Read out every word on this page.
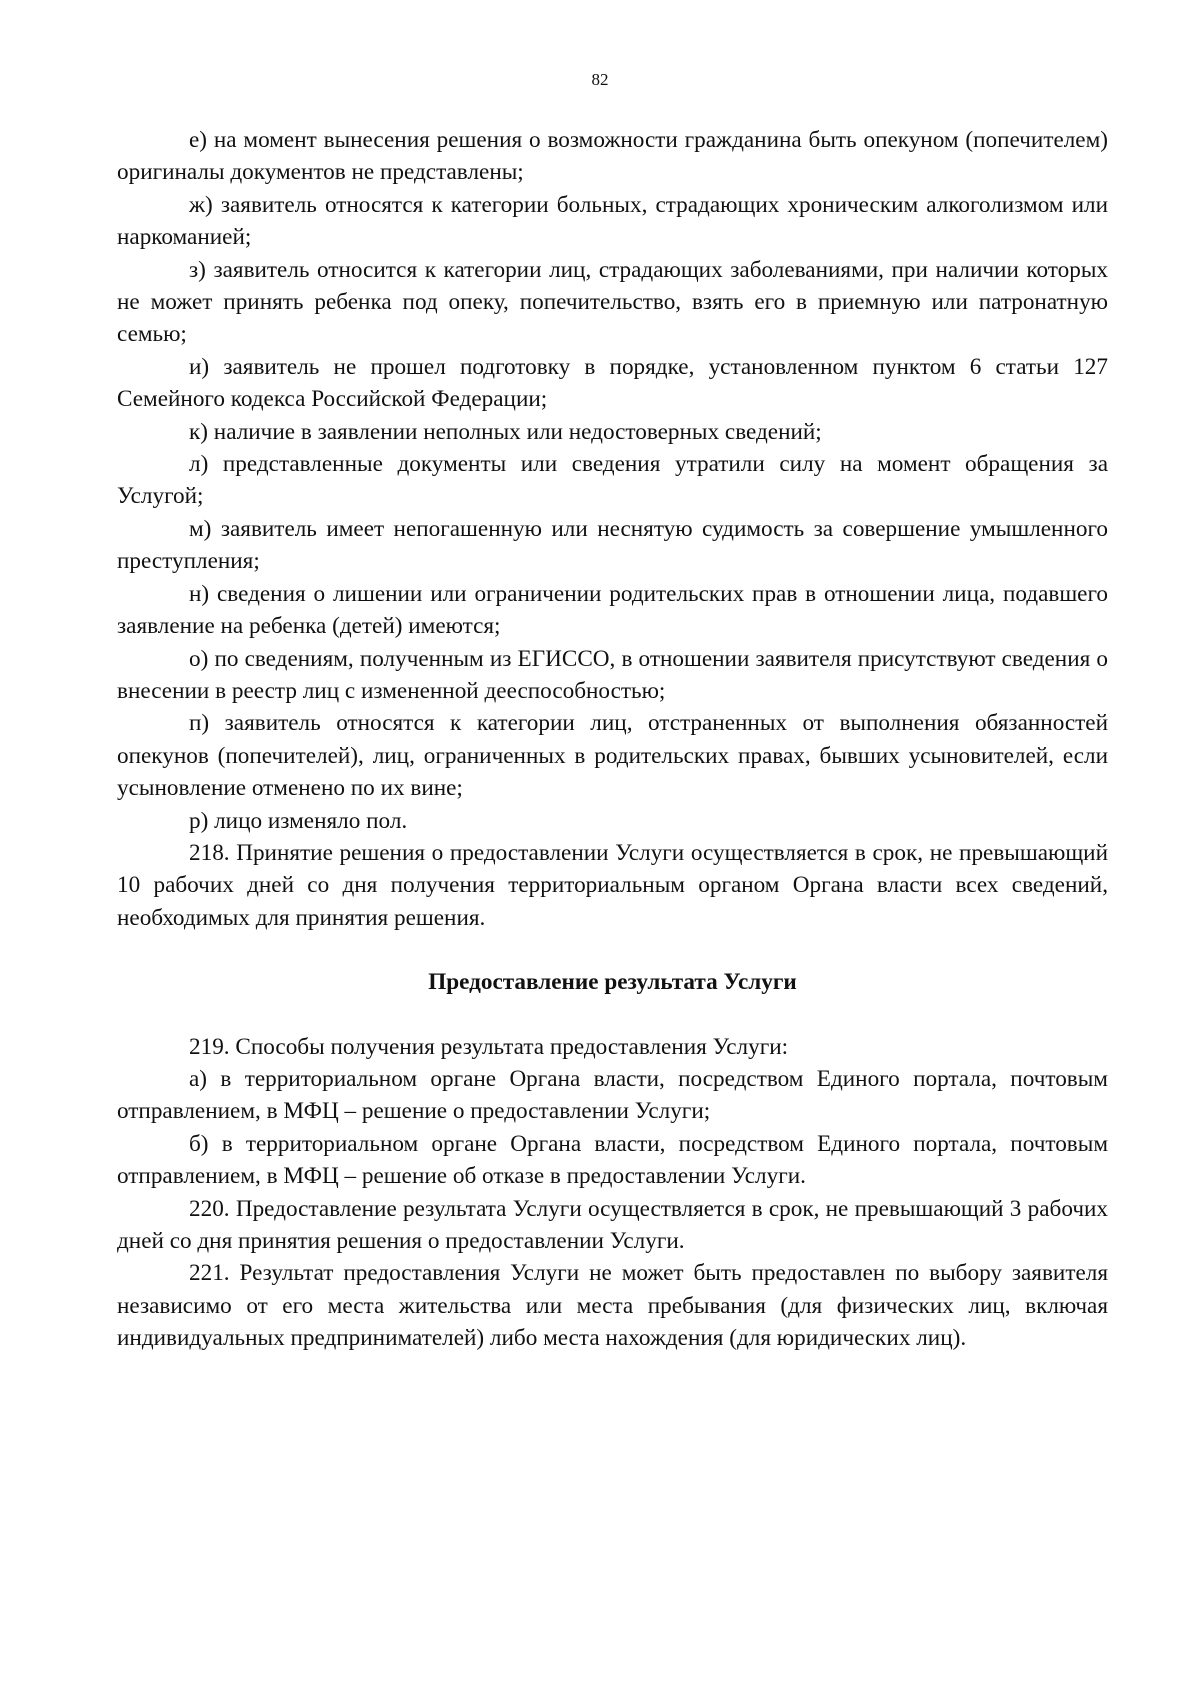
82

е) на момент вынесения решения о возможности гражданина быть опекуном (попечителем) оригиналы документов не представлены;

ж) заявитель относятся к категории больных, страдающих хроническим алкоголизмом или наркоманией;

з) заявитель относится к категории лиц, страдающих заболеваниями, при наличии которых не может принять ребенка под опеку, попечительство, взять его в приемную или патронатную семью;

и) заявитель не прошел подготовку в порядке, установленном пунктом 6 статьи 127 Семейного кодекса Российской Федерации;

к) наличие в заявлении неполных или недостоверных сведений;

л) представленные документы или сведения утратили силу на момент обращения за Услугой;

м) заявитель имеет непогашенную или неснятую судимость за совершение умышленного преступления;

н) сведения о лишении или ограничении родительских прав в отношении лица, подавшего заявление на ребенка (детей) имеются;

о) по сведениям, полученным из ЕГИССО, в отношении заявителя присутствуют сведения о внесении в реестр лиц с измененной дееспособностью;

п) заявитель относятся к категории лиц, отстраненных от выполнения обязанностей опекунов (попечителей), лиц, ограниченных в родительских правах, бывших усыновителей, если усыновление отменено по их вине;

р) лицо изменяло пол.

218. Принятие решения о предоставлении Услуги осуществляется в срок, не превышающий 10 рабочих дней со дня получения территориальным органом Органа власти всех сведений, необходимых для принятия решения.

Предоставление результата Услуги

219. Способы получения результата предоставления Услуги:

а) в территориальном органе Органа власти, посредством Единого портала, почтовым отправлением, в МФЦ – решение о предоставлении Услуги;

б) в территориальном органе Органа власти, посредством Единого портала, почтовым отправлением, в МФЦ – решение об отказе в предоставлении Услуги.

220. Предоставление результата Услуги осуществляется в срок, не превышающий 3 рабочих дней со дня принятия решения о предоставлении Услуги.

221. Результат предоставления Услуги не может быть предоставлен по выбору заявителя независимо от его места жительства или места пребывания (для физических лиц, включая индивидуальных предпринимателей) либо места нахождения (для юридических лиц).
